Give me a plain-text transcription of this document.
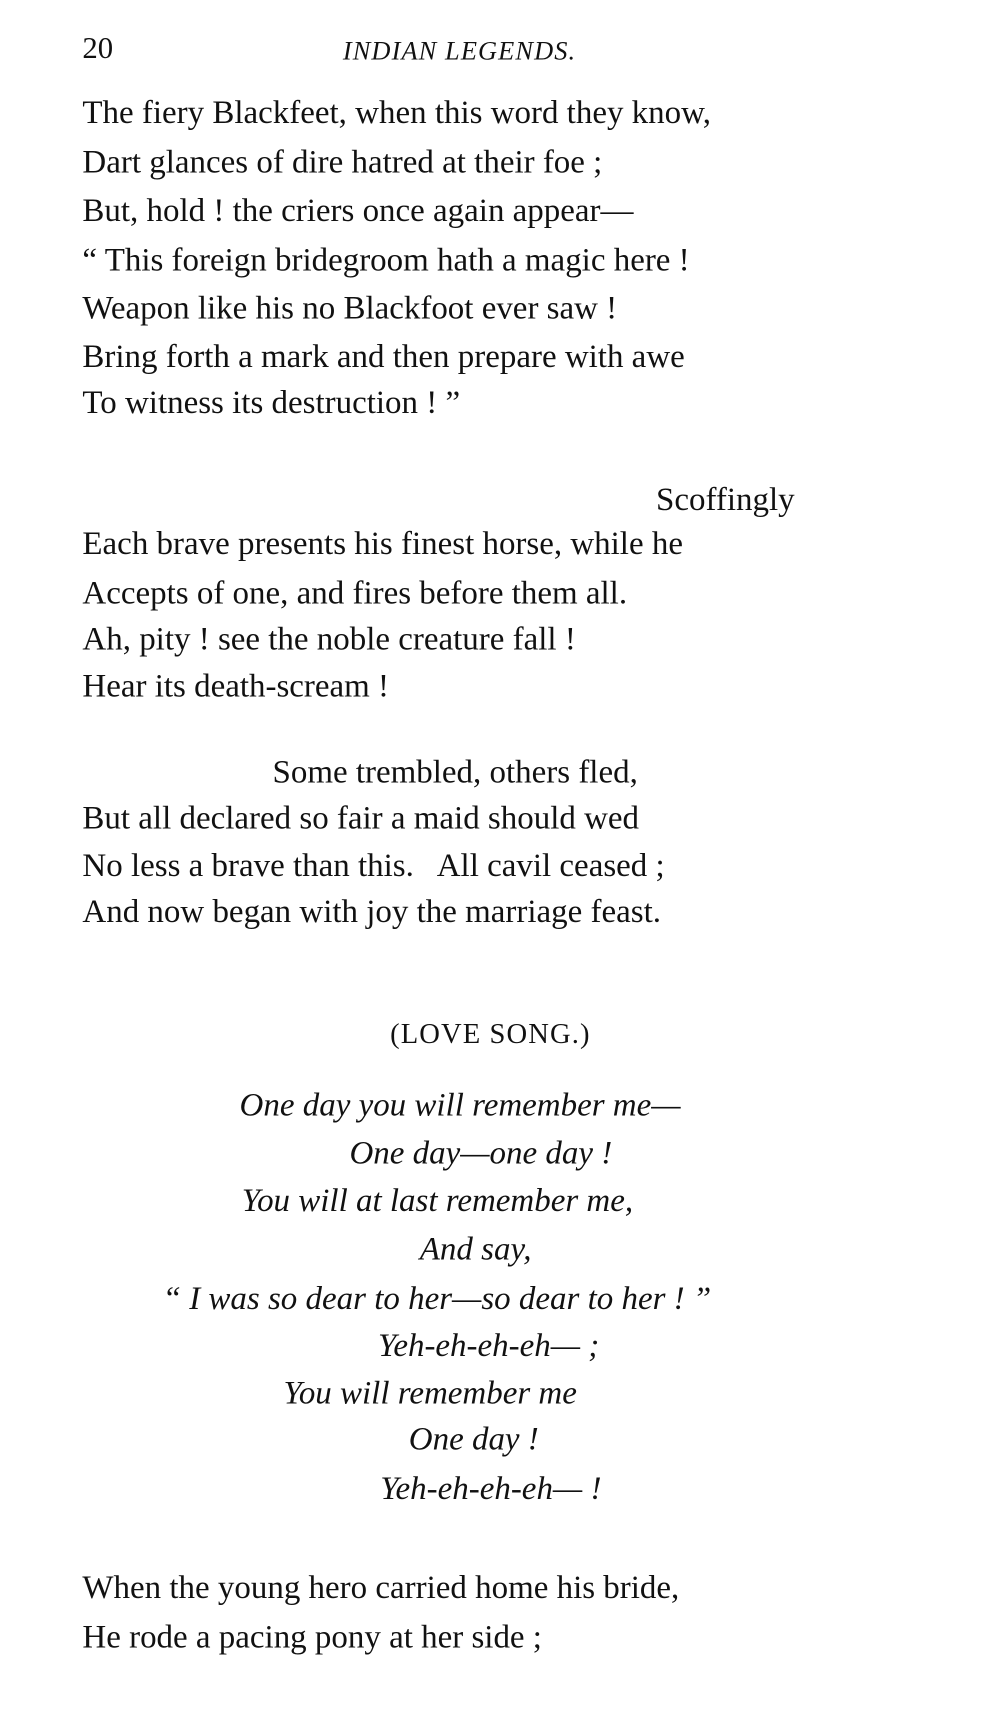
20	INDIAN LEGENDS.
The fiery Blackfeet, when this word they know,
Dart glances of dire hatred at their foe ;
But, hold ! the criers once again appear—
“ This foreign bridegroom hath a magic here !
Weapon like his no Blackfoot ever saw !
Bring forth a mark and then prepare with awe
To witness its destruction ! ”
Scoffingly
Each brave presents his finest horse, while he
Accepts of one, and fires before them all.
Ah, pity ! see the noble creature fall !
Hear its death-scream !
Some trembled, others fled,
But all declared so fair a maid should wed
No less a brave than this.   All cavil ceased ;
And now began with joy the marriage feast.
(LOVE SONG.)
One day you will remember me—
One day—one day !
You will at last remember me,
And say,
“ I was so dear to her—so dear to her ! ”
Yeh-eh-eh-eh— ;
You will remember me
One day !
Yeh-eh-eh-eh— !
When the young hero carried home his bride,
He rode a pacing pony at her side ;
